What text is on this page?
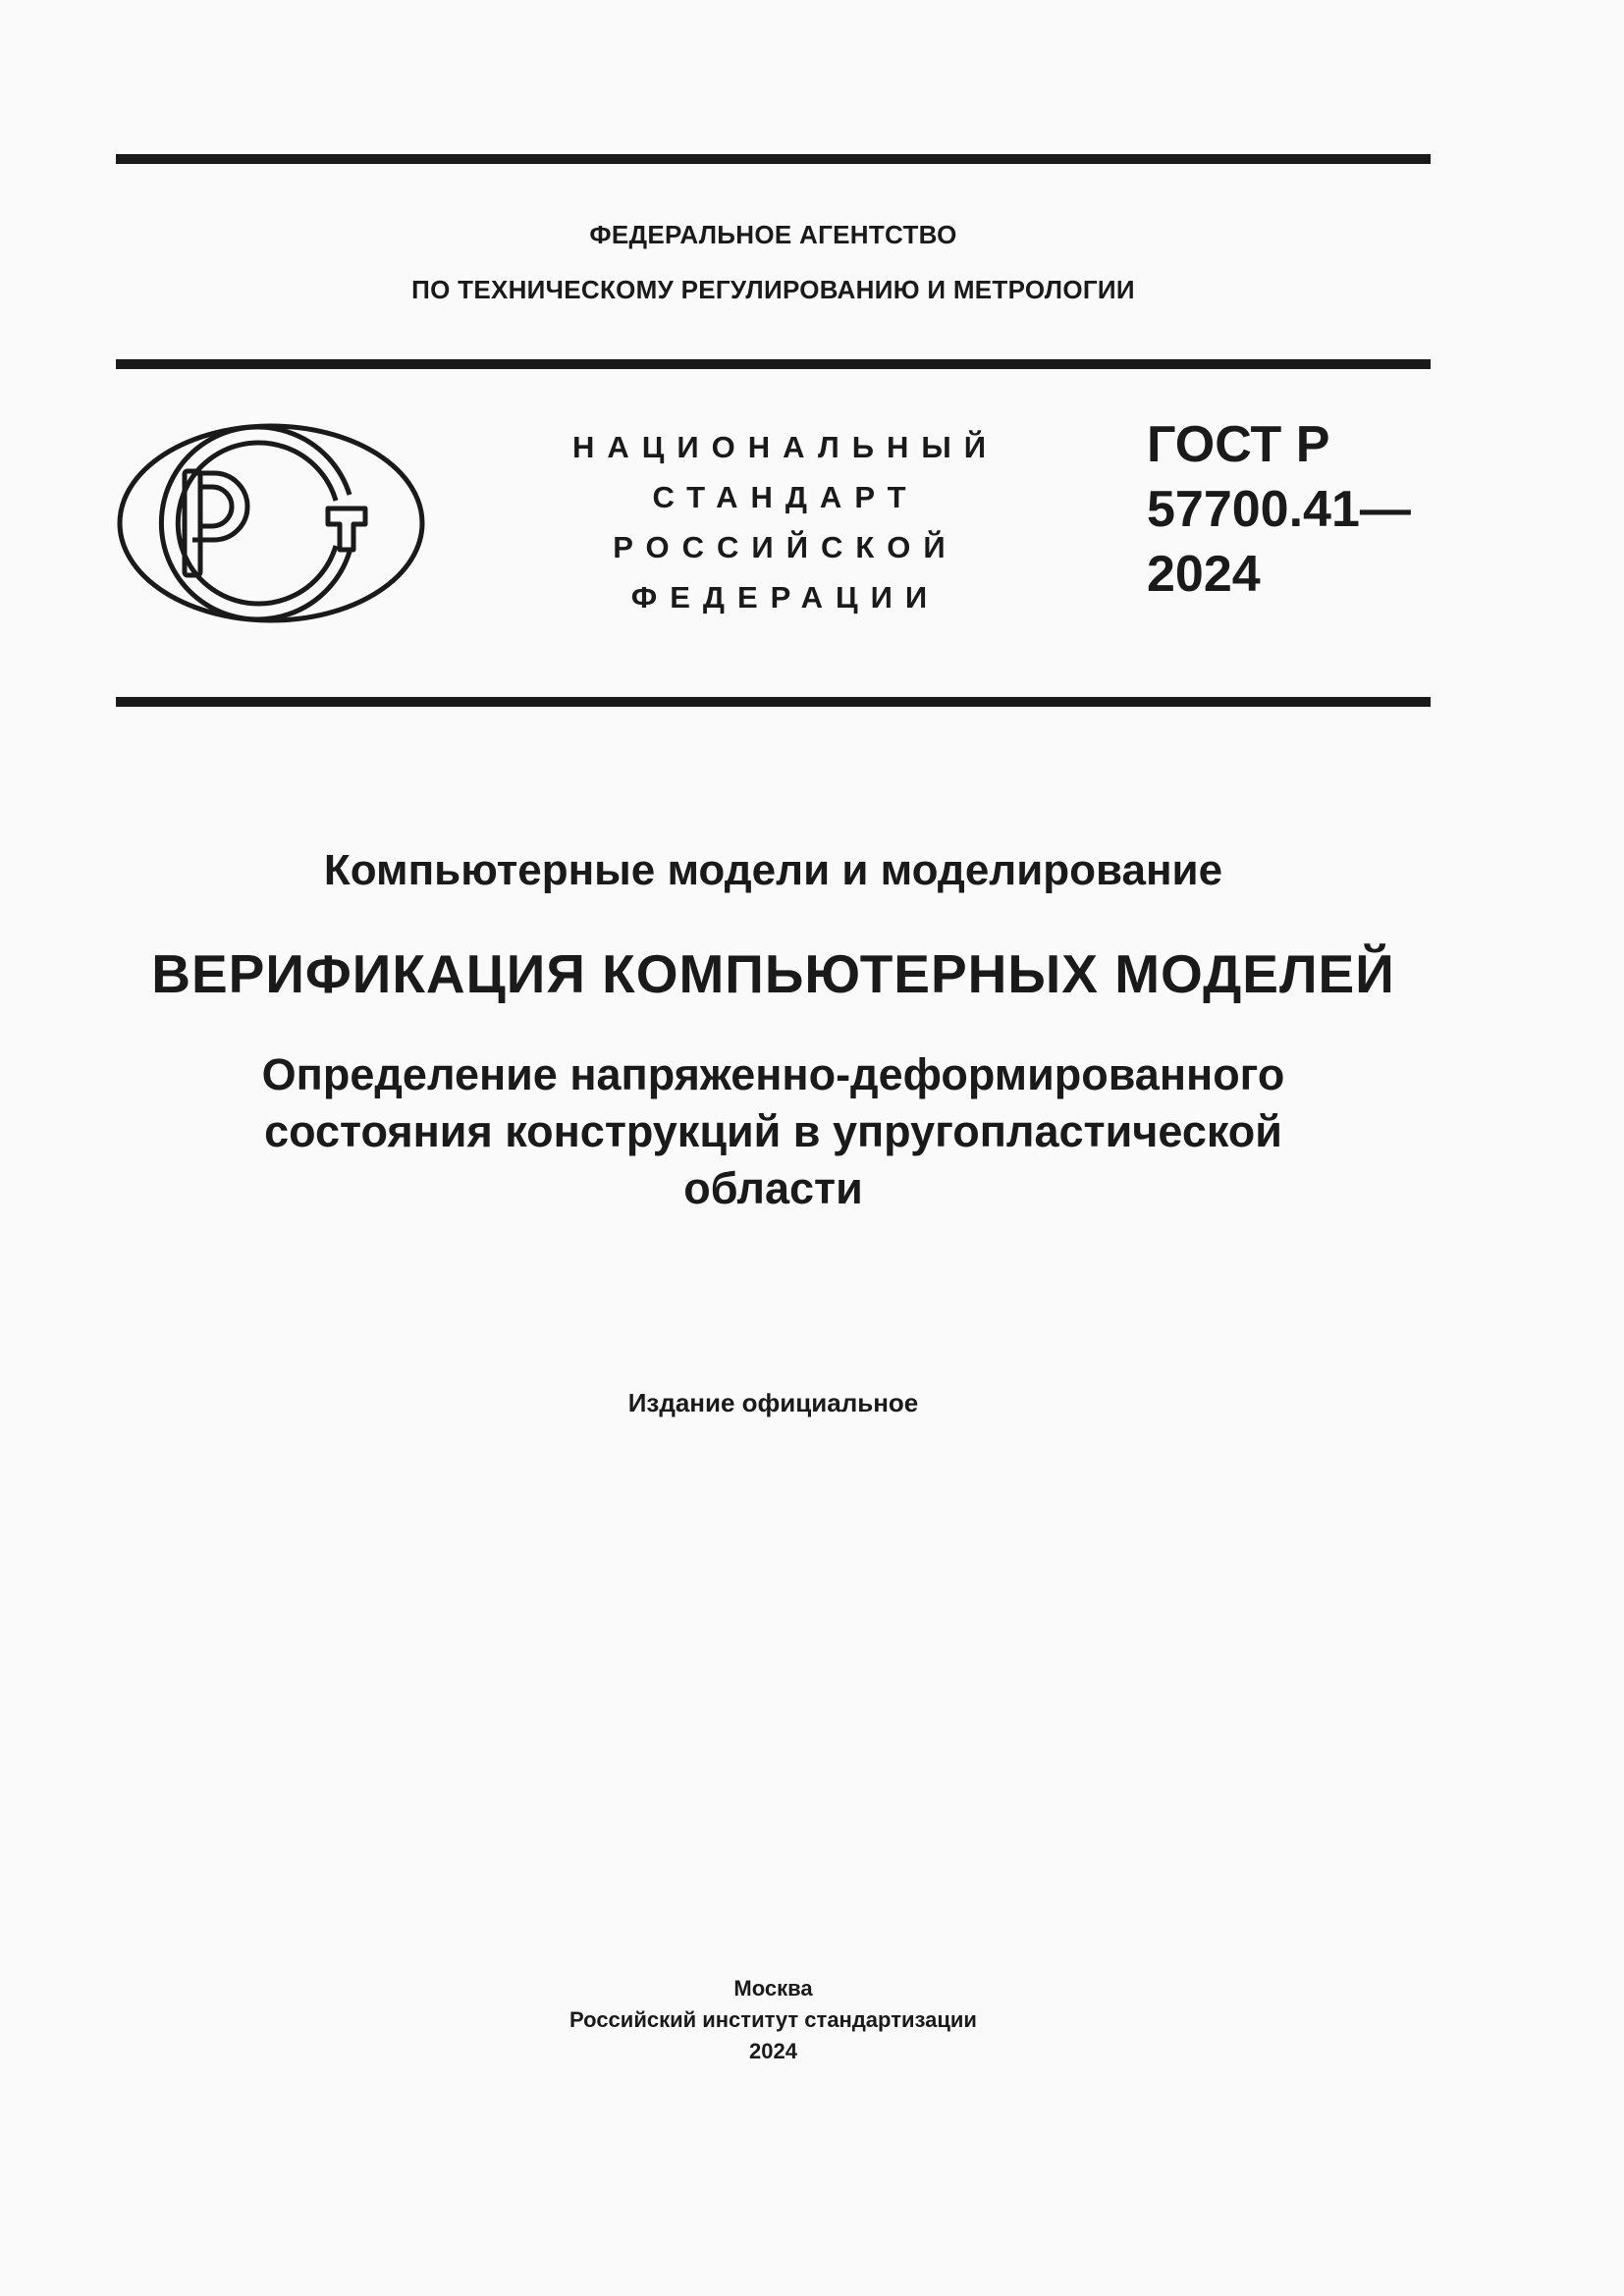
ФЕДЕРАЛЬНОЕ АГЕНТСТВО
ПО ТЕХНИЧЕСКОМУ РЕГУЛИРОВАНИЮ И МЕТРОЛОГИИ
НАЦИОНАЛЬНЫЙ
СТАНДАРТ
РОССИЙСКОЙ
ФЕДЕРАЦИИ
ГОСТ Р
57700.41—
2024
Компьютерные модели и моделирование
ВЕРИФИКАЦИЯ КОМПЬЮТЕРНЫХ МОДЕЛЕЙ
Определение напряженно-деформированного
состояния конструкций в упругопластической
области
Издание официальное
Москва
Российский институт стандартизации
2024
